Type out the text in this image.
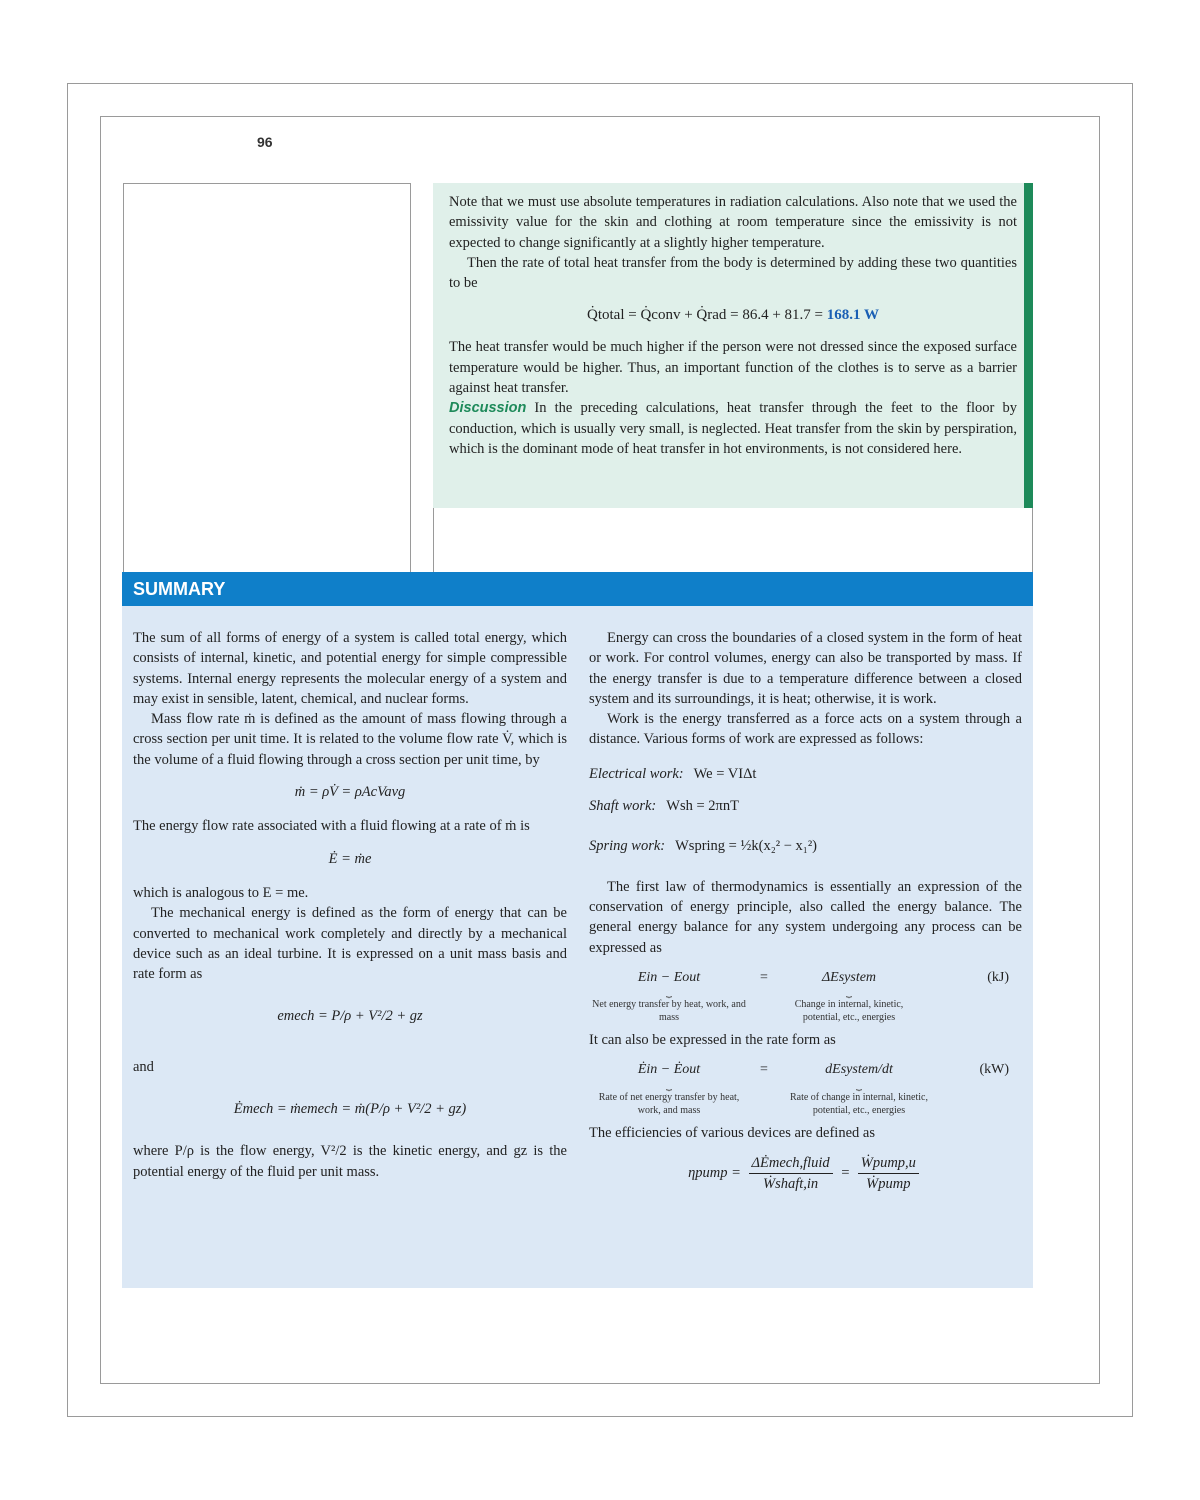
96

Note that we must use absolute temperatures in radiation calculations. Also note that we used the emissivity value for the skin and clothing at room temperature since the emissivity is not expected to change significantly at a slightly higher temperature.

Then the rate of total heat transfer from the body is determined by adding these two quantities to be

Q̇total = Q̇conv + Q̇rad = 86.4 + 81.7 = 168.1 W

The heat transfer would be much higher if the person were not dressed since the exposed surface temperature would be higher. Thus, an important function of the clothes is to serve as a barrier against heat transfer.

Discussion In the preceding calculations, heat transfer through the feet to the floor by conduction, which is usually very small, is neglected. Heat transfer from the skin by perspiration, which is the dominant mode of heat transfer in hot environments, is not considered here.

SUMMARY

The sum of all forms of energy of a system is called total energy, which consists of internal, kinetic, and potential energy for simple compressible systems. Internal energy represents the molecular energy of a system and may exist in sensible, latent, chemical, and nuclear forms.

Mass flow rate ṁ is defined as the amount of mass flowing through a cross section per unit time. It is related to the volume flow rate V̇, which is the volume of a fluid flowing through a cross section per unit time, by

ṁ = ρV̇ = ρAcVavg

The energy flow rate associated with a fluid flowing at a rate of ṁ is

Ė = ṁe

which is analogous to E = me.

The mechanical energy is defined as the form of energy that can be converted to mechanical work completely and directly by a mechanical device such as an ideal turbine. It is expressed on a unit mass basis and rate form as

emech = P/ρ + V²/2 + gz

and

Ėmech = ṁemech = ṁ(P/ρ + V²/2 + gz)

where P/ρ is the flow energy, V²/2 is the kinetic energy, and gz is the potential energy of the fluid per unit mass.

Energy can cross the boundaries of a closed system in the form of heat or work. For control volumes, energy can also be transported by mass. If the energy transfer is due to a temperature difference between a closed system and its surroundings, it is heat; otherwise, it is work.

Work is the energy transferred as a force acts on a system through a distance. Various forms of work are expressed as follows:

Electrical work: We = VIΔt

Shaft work: Wsh = 2πnT

Spring work: Wspring = ½k(x₂² − x₁²)

The first law of thermodynamics is essentially an expression of the conservation of energy principle, also called the energy balance. The general energy balance for any system undergoing any process can be expressed as

Ein − Eout
⏟
Net energy transfer by heat, work, and mass
=	ΔEsystem
⏟
Change in internal, kinetic, potential, etc., energies
(kJ)

It can also be expressed in the rate form as

Ėin − Ėout
⏟
Rate of net energy transfer by heat, work, and mass
=	dEsystem/dt
⏟
Rate of change in internal, kinetic, potential, etc., energies
(kW)

The efficiencies of various devices are defined as

ηpump = $\frac{\text{ΔĖmech,fluid}}{\text{Ẇshaft,in}} = \frac{\text{Ẇpump,u}}{\text{Ẇpump}}$
